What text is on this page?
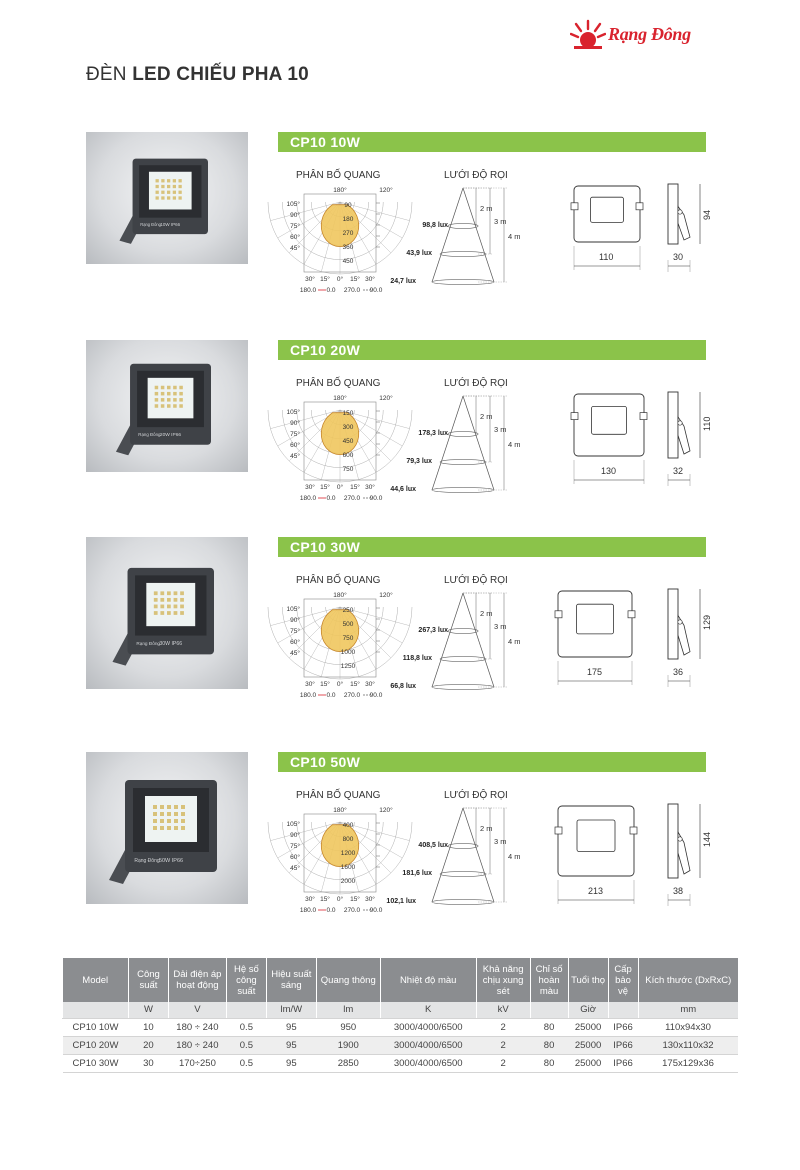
Rạng Đông
ĐÈN LED CHIẾU PHA 10
10W IP66
Rạng Đông
CP10 10W
PHÂN BỐ QUANG	LƯỚI ĐỘ RỌI
180°	120°
105°
90°
75°
60°
45°
90
180
270
360
450
30° 15° 0° 15° 30°
180.0 0.0 270.0 90.0
2 m
3 m
4 m
98,8 lux
43,9 lux
24,7 lux
110
94
30
20W IP66
Rạng Đông
CP10 20W
PHÂN BỐ QUANG	LƯỚI ĐỘ RỌI
180°	120°
105°
90°
75°
60°
45°
150
300
450
600
750
30° 15° 0° 15° 30°
180.0 0.0 270.0 90.0
2 m
3 m
4 m
178,3 lux
79,3 lux
44,6 lux
130
110
32
30W IP66
Rạng Đông
CP10 30W
PHÂN BỐ QUANG	LƯỚI ĐỘ RỌI
180°	120°
105°
90°
75°
60°
45°
250
500
750
1000
1250
30° 15° 0° 15° 30°
180.0 0.0 270.0 90.0
2 m
3 m
4 m
267,3 lux
118,8 lux
66,8 lux
175
129
36
50W IP66
Rạng Đông
CP10 50W
PHÂN BỐ QUANG	LƯỚI ĐỘ RỌI
180°	120°
105°
90°
75°
60°
45°
400
800
1200
1600
2000
30° 15° 0° 15° 30°
180.0 0.0 270.0 90.0
2 m
3 m
4 m
408,5 lux
181,6 lux
102,1 lux
213
144
38
Model	Công suất	Dải điện áp hoạt động	Hệ số công suất	Hiệu suất sáng	Quang thông	Nhiệt độ màu	Khả năng chịu xung sét	Chỉ số hoàn màu	Tuổi thọ	Cấp bảo vệ	Kích thước (DxRxC)
	W	V		lm/W	lm	K	kV		Giờ		mm
CP10 10W	10	180 ÷ 240	0.5	95	950	3000/4000/6500	2	80	25000	IP66	110x94x30
CP10 20W	20	180 ÷ 240	0.5	95	1900	3000/4000/6500	2	80	25000	IP66	130x110x32
CP10 30W	30	170÷250	0.5	95	2850	3000/4000/6500	2	80	25000	IP66	175x129x36
